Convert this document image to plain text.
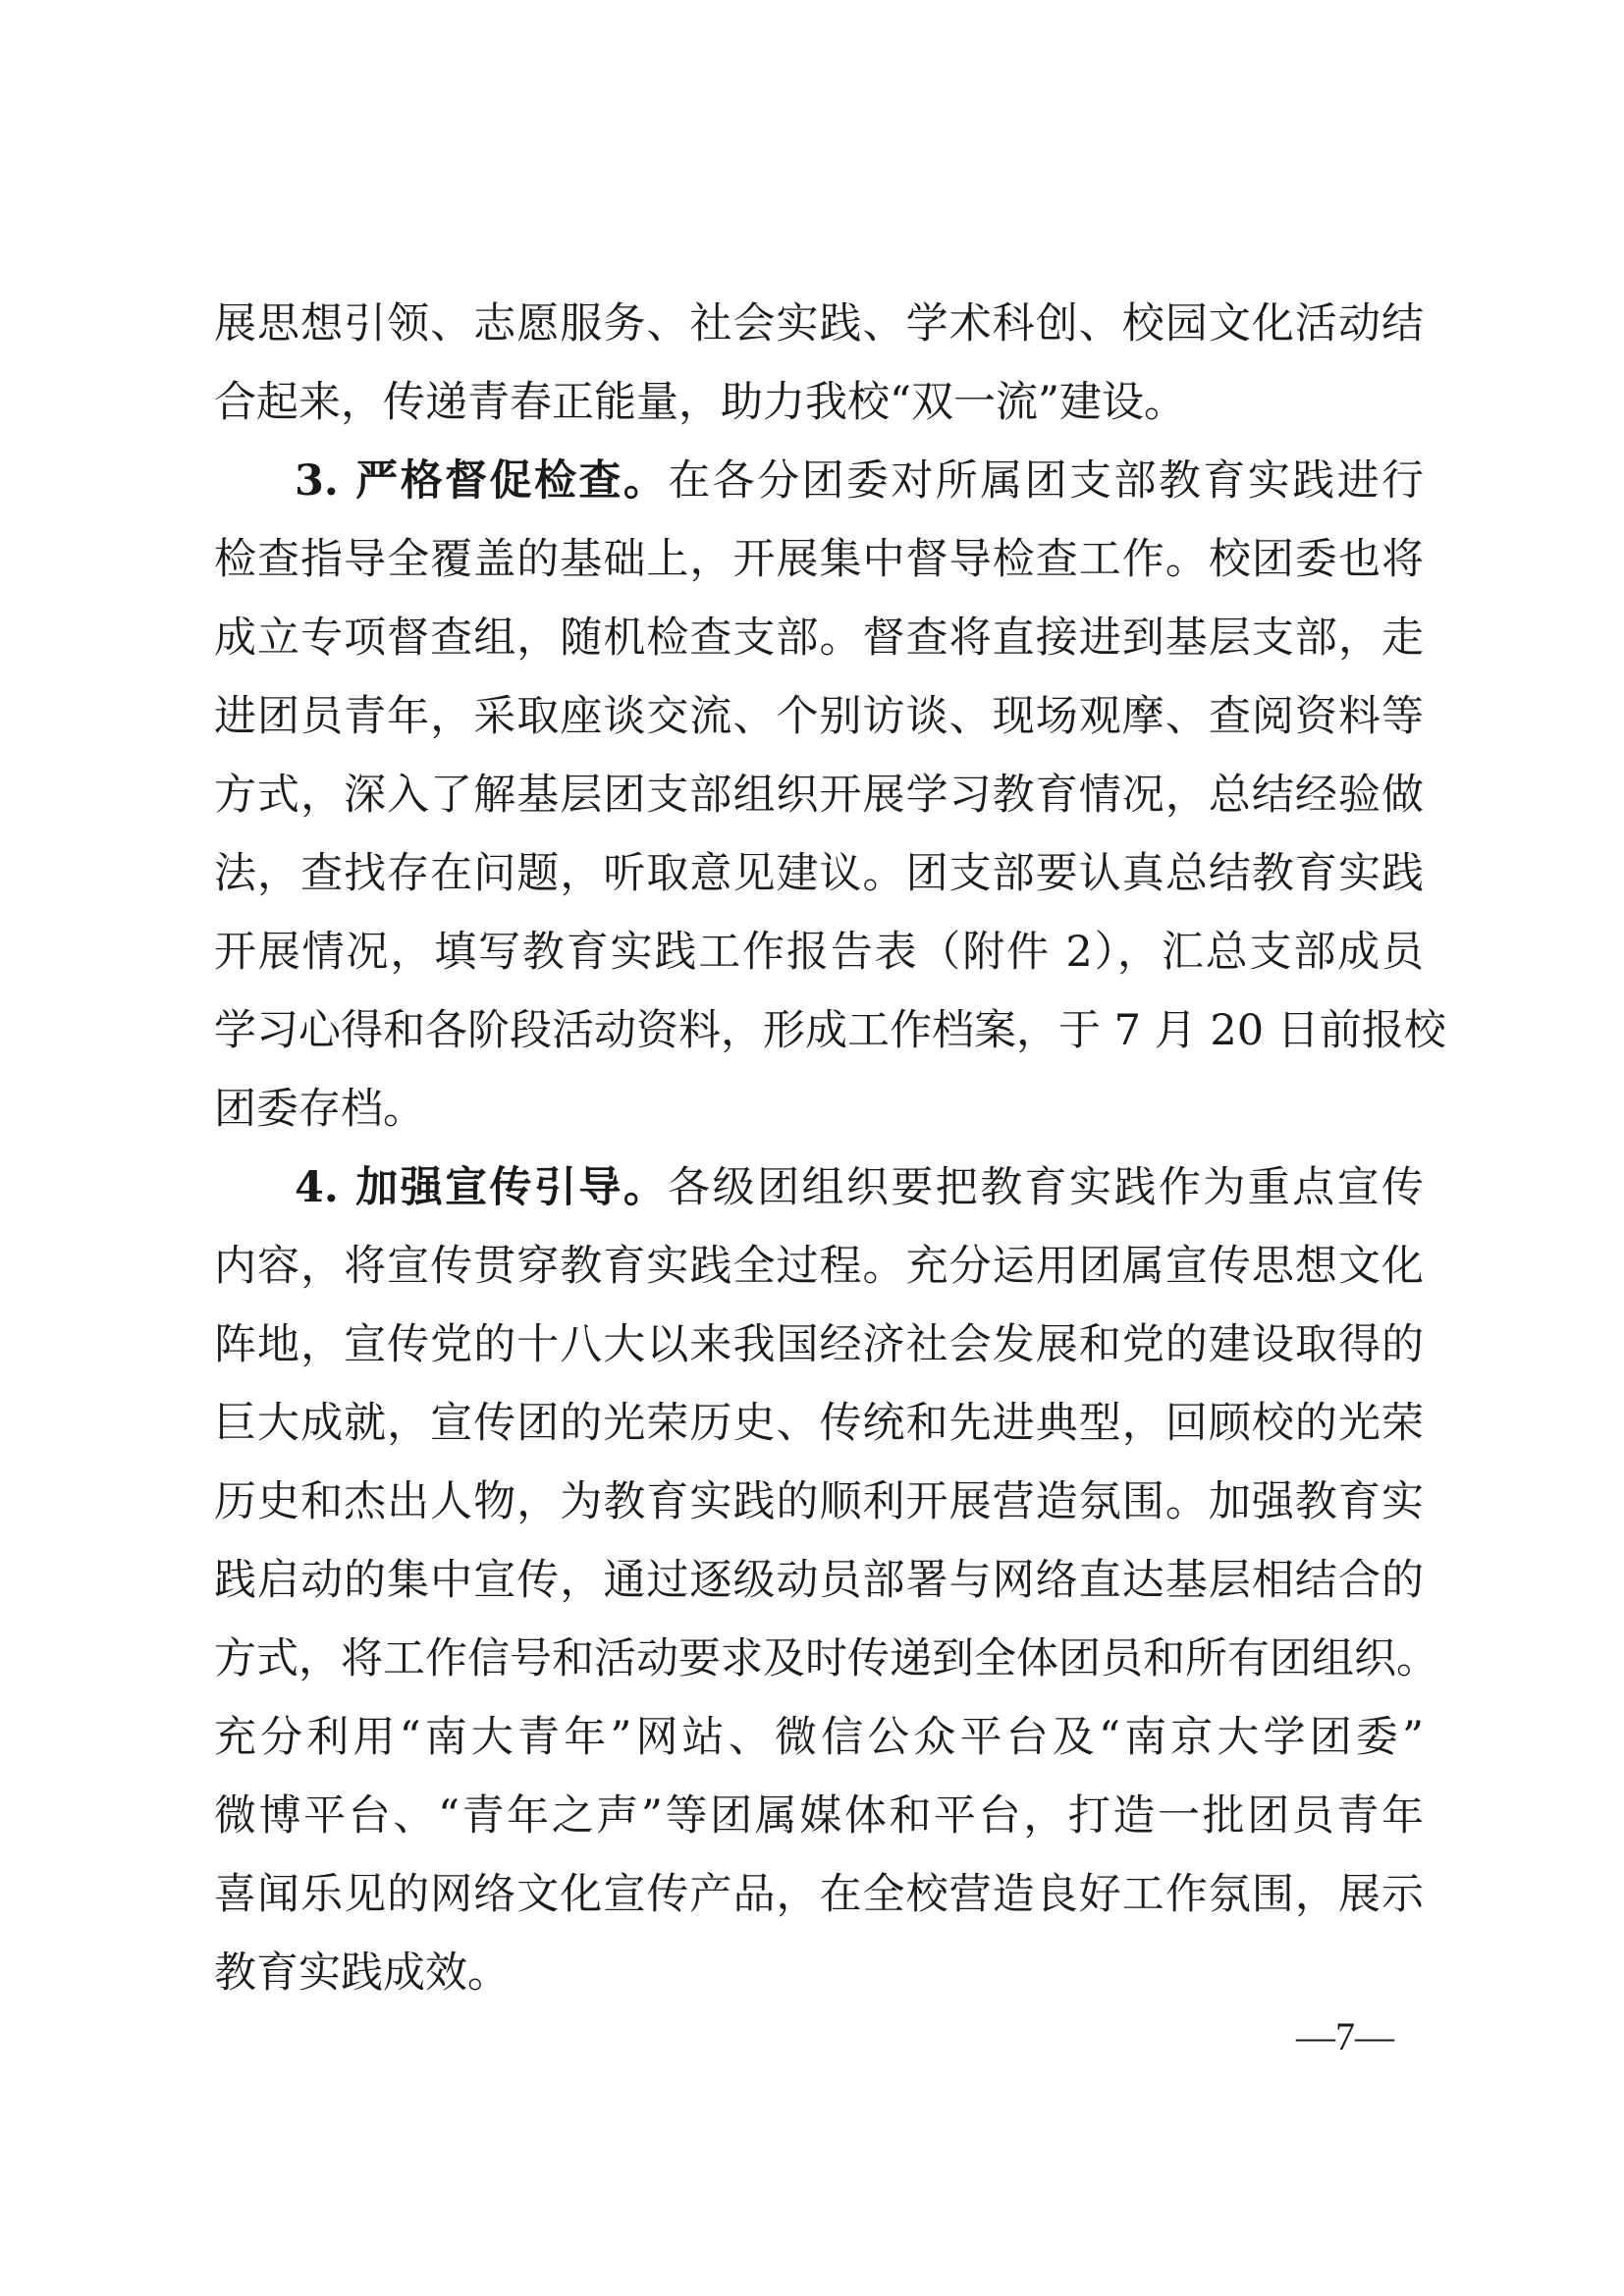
展思想引领、志愿服务、社会实践、学术科创、校园文化活动结
合起来，传递青春正能量，助力我校“双一流”建设。
3. 严格督促检查。在各分团委对所属团支部教育实践进行
检查指导全覆盖的基础上，开展集中督导检查工作。校团委也将
成立专项督查组，随机检查支部。督查将直接进到基层支部，走
进团员青年，采取座谈交流、个别访谈、现场观摩、查阅资料等
方式，深入了解基层团支部组织开展学习教育情况，总结经验做
法，查找存在问题，听取意见建议。团支部要认真总结教育实践
开展情况，填写教育实践工作报告表（附件 2），汇总支部成员
学习心得和各阶段活动资料，形成工作档案，于 7 月 20 日前报校
团委存档。
4. 加强宣传引导。各级团组织要把教育实践作为重点宣传
内容，将宣传贯穿教育实践全过程。充分运用团属宣传思想文化
阵地，宣传党的十八大以来我国经济社会发展和党的建设取得的
巨大成就，宣传团的光荣历史、传统和先进典型，回顾校的光荣
历史和杰出人物，为教育实践的顺利开展营造氛围。加强教育实
践启动的集中宣传，通过逐级动员部署与网络直达基层相结合的
方式，将工作信号和活动要求及时传递到全体团员和所有团组织。
充分利用“南大青年”网站、微信公众平台及“南京大学团委”
微博平台、“青年之声”等团属媒体和平台，打造一批团员青年
喜闻乐见的网络文化宣传产品，在全校营造良好工作氛围，展示
教育实践成效。
—7—
